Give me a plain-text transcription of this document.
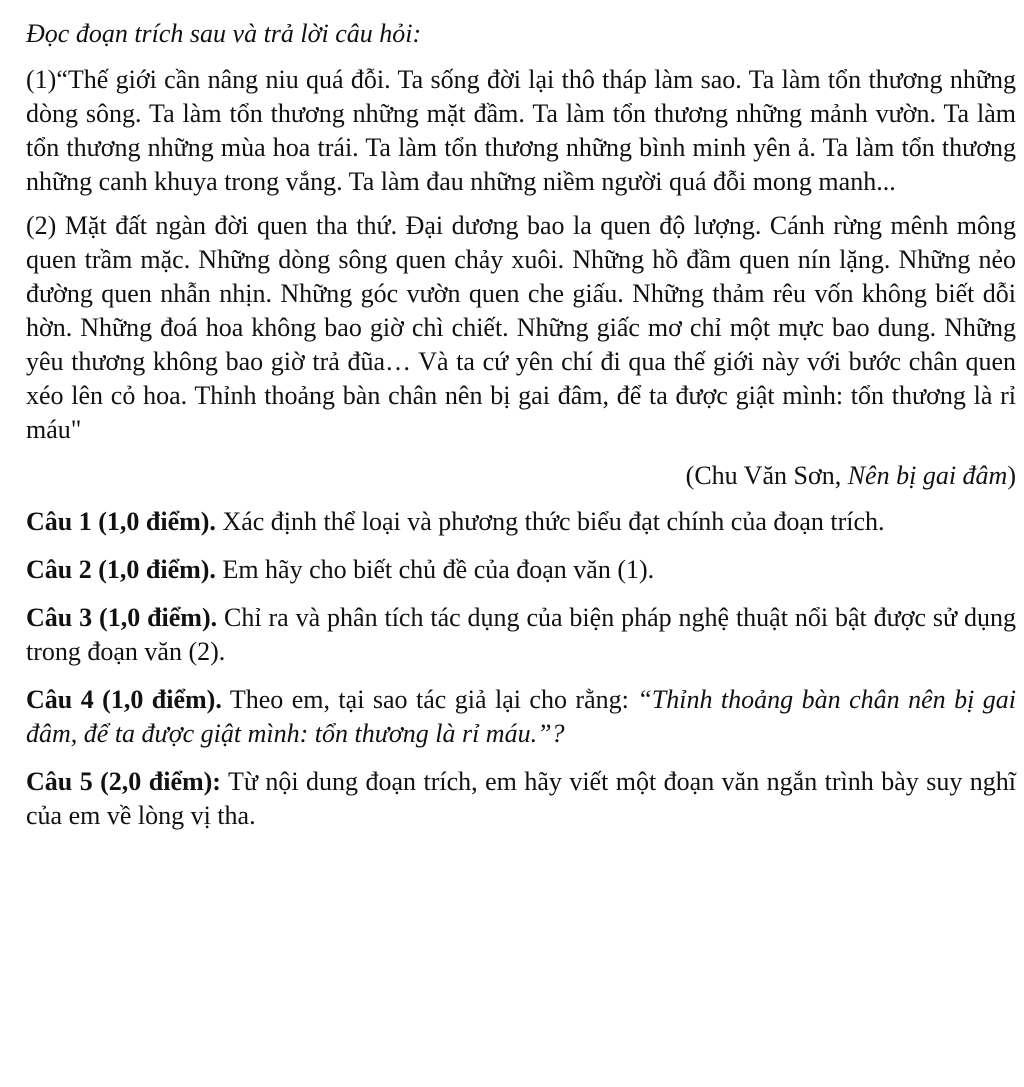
Đọc đoạn trích sau và trả lời câu hỏi:

(1)“Thế giới cần nâng niu quá đỗi. Ta sống đời lại thô tháp làm sao. Ta làm tổn thương những dòng sông. Ta làm tổn thương những mặt đầm. Ta làm tổn thương những mảnh vườn. Ta làm tổn thương những mùa hoa trái. Ta làm tổn thương những bình minh yên ả. Ta làm tổn thương những canh khuya trong vắng. Ta làm đau những niềm người quá đỗi mong manh...

(2) Mặt đất ngàn đời quen tha thứ. Đại dương bao la quen độ lượng. Cánh rừng mênh mông quen trầm mặc. Những dòng sông quen chảy xuôi. Những hồ đầm quen nín lặng. Những nẻo đường quen nhẫn nhịn. Những góc vườn quen che giấu. Những thảm rêu vốn không biết dỗi hờn. Những đoá hoa không bao giờ chì chiết. Những giấc mơ chỉ một mực bao dung. Những yêu thương không bao giờ trả đũa… Và ta cứ yên chí đi qua thế giới này với bước chân quen xéo lên cỏ hoa. Thỉnh thoảng bàn chân nên bị gai đâm, để ta được giật mình: tổn thương là rỉ máu"

(Chu Văn Sơn, Nên bị gai đâm)

Câu 1 (1,0 điểm). Xác định thể loại và phương thức biểu đạt chính của đoạn trích.

Câu 2 (1,0 điểm). Em hãy cho biết chủ đề của đoạn văn (1).

Câu 3 (1,0 điểm). Chỉ ra và phân tích tác dụng của biện pháp nghệ thuật nổi bật được sử dụng trong đoạn văn (2).

Câu 4 (1,0 điểm). Theo em, tại sao tác giả lại cho rằng: “Thỉnh thoảng bàn chân nên bị gai đâm, để ta được giật mình: tổn thương là rỉ máu.”?

Câu 5 (2,0 điểm): Từ nội dung đoạn trích, em hãy viết một đoạn văn ngắn trình bày suy nghĩ của em về lòng vị tha.
